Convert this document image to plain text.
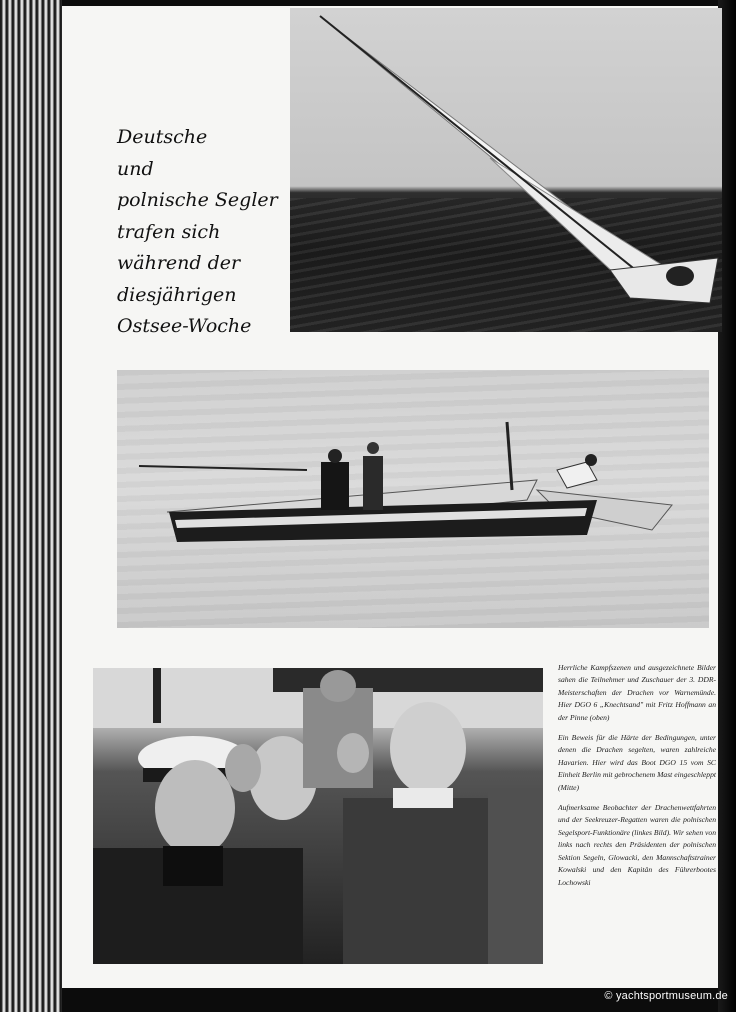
Deutsche
und
polnische Segler
trafen sich
während der
diesjährigen
Ostsee-Woche

Herrliche Kampfszenen und ausgezeichnete Bilder sahen die Teilnehmer und Zuschauer der 3. DDR-Meisterschaften der Drachen vor Warnemünde. Hier DGO 6 „Knechtsand" mit Fritz Hoffmann an der Pinne (oben)

Ein Beweis für die Härte der Bedingungen, unter denen die Drachen segelten, waren zahlreiche Havarien. Hier wird das Boot DGO 15 vom SC Einheit Berlin mit gebrochenem Mast eingeschleppt (Mitte)

Aufmerksame Beobachter der Drachenwettfahrten und der Seekreuzer-Regatten waren die polnischen Segelsport-Funktionäre (linkes Bild). Wir sehen von links nach rechts den Präsidenten der polnischen Sektion Segeln, Glowacki, den Mannschaftstrainer Kowalski und den Kapitän des Führerbootes Lochowski

© yachtsportmuseum.de
